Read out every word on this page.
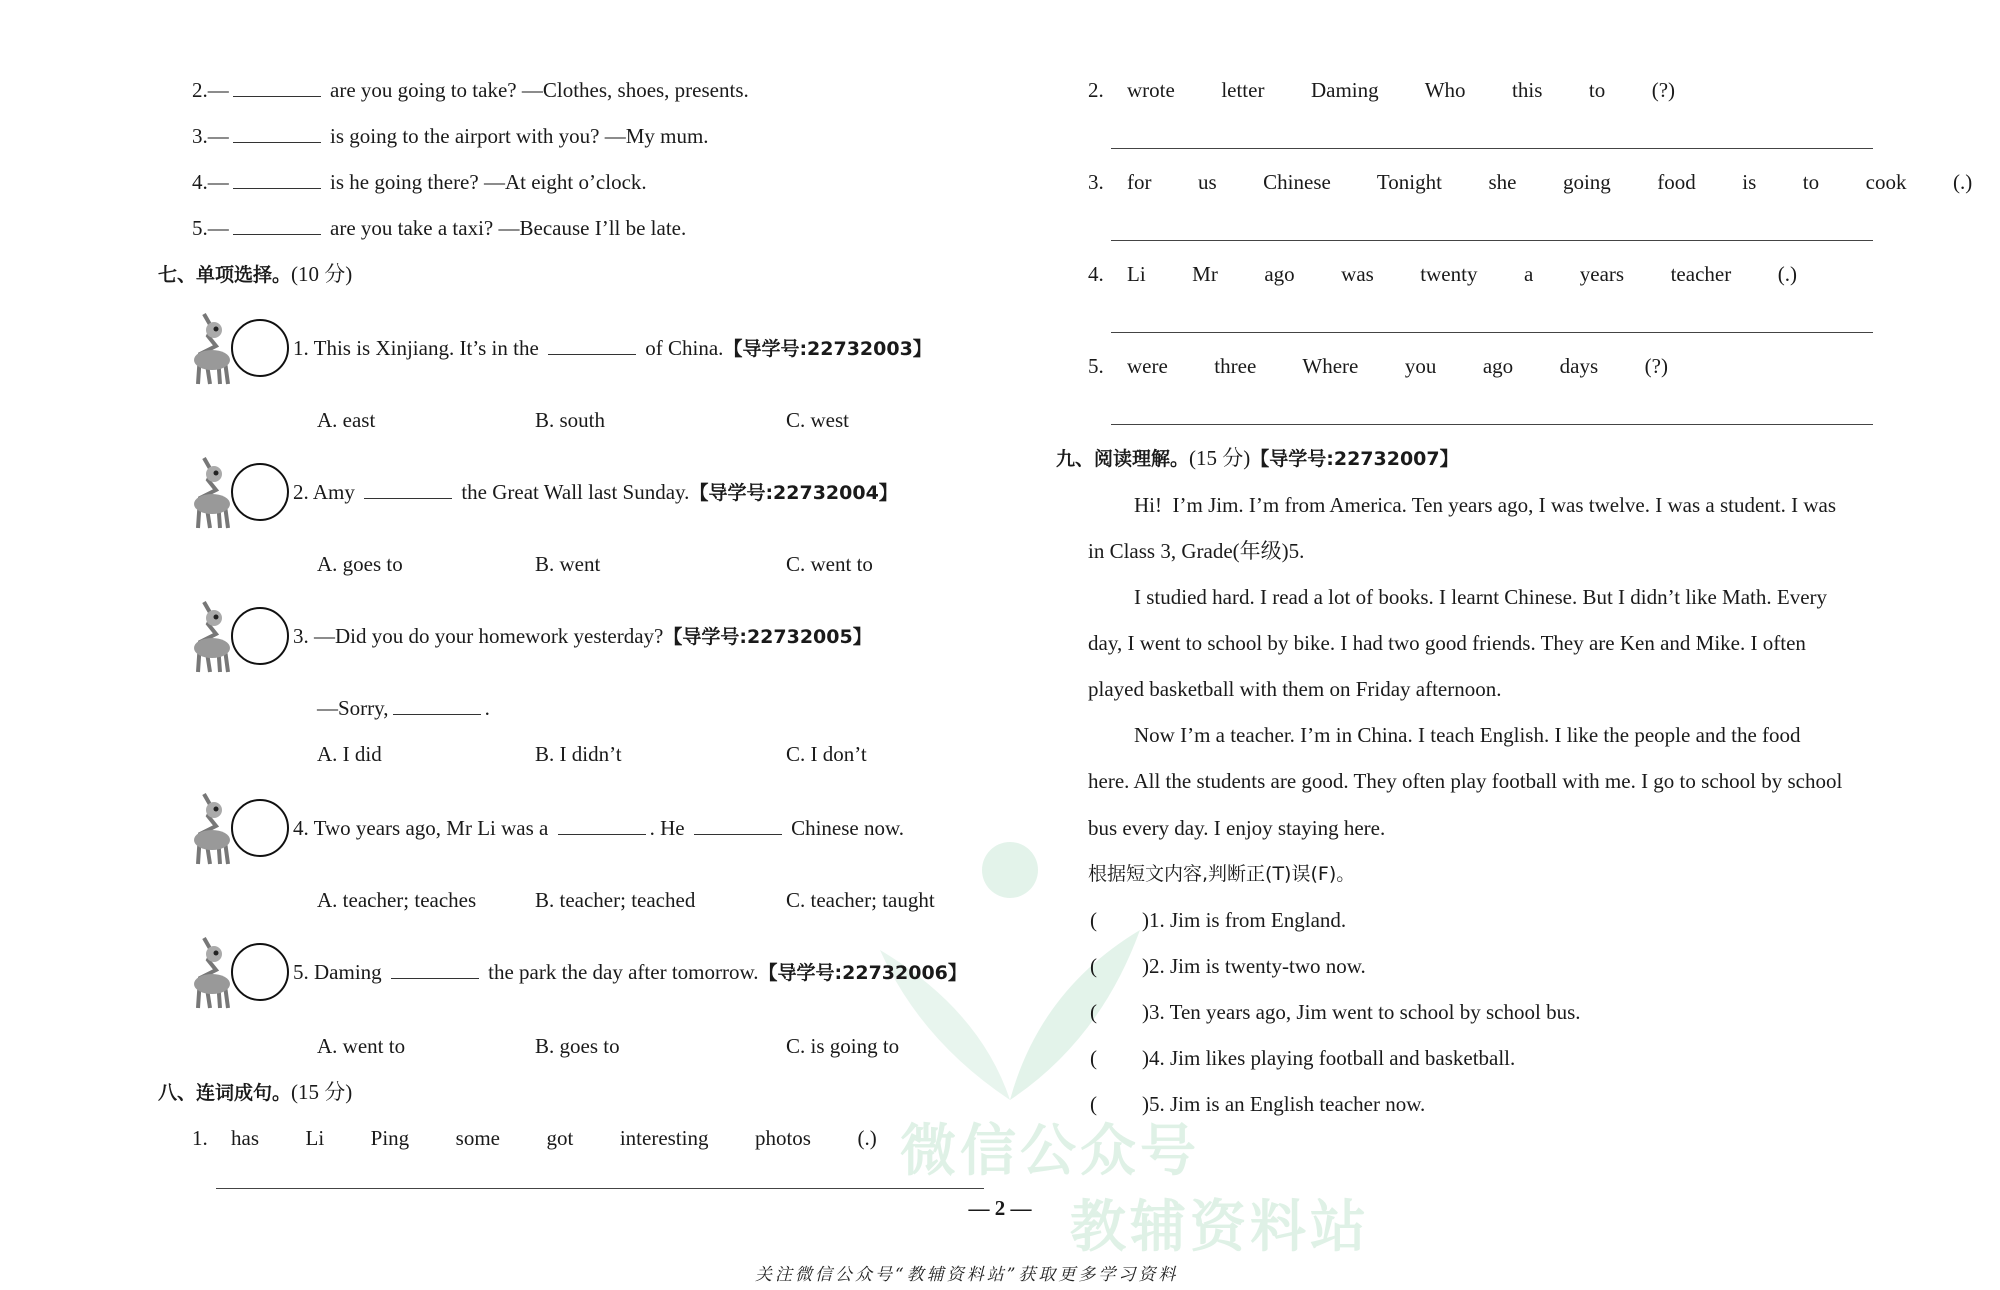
微信公众号
教辅资料站
2.—	are you going to take? —Clothes, shoes, presents.
3.—	is going to the airport with you? —My mum.
4.—	is he going there? —At eight o’clock.
5.—	are you take a taxi? —Because I’ll be late.
七、单项选择。(10 分)
1. This is Xinjiang. It’s in the	of China.【导学号:22732003】
A. east	B. south	C. west
2. Amy	the Great Wall last Sunday.【导学号:22732004】
A. goes to	B. went	C. went to
3. —Did you do your homework yesterday?【导学号:22732005】
—Sorry,	.
A. I did	B. I didn’t	C. I don’t
4. Two years ago, Mr Li was a	. He	Chinese now.
A. teacher; teaches	B. teacher; teached	C. teacher; taught
5. Daming	the park the day after tomorrow.【导学号:22732006】
A. went to	B. goes to	C. is going to
八、连词成句。(15 分)
1. has  Li  Ping  some  got  interesting  photos  (.)
2. wrote  letter  Daming  Who  this  to  (?)
3. for  us  Chinese  Tonight  she  going  food  is  to  cook  (.)
4. Li  Mr  ago  was  twenty  a  years  teacher  (.)
5. were  three  Where  you  ago  days  (?)
九、阅读理解。(15 分)【导学号:22732007】
Hi!  I’m Jim. I’m from America. Ten years ago, I was twelve. I was a student. I was
in Class 3, Grade(年级)5.
I studied hard. I read a lot of books. I learnt Chinese. But I didn’t like Math. Every
day, I went to school by bike. I had two good friends. They are Ken and Mike. I often
played basketball with them on Friday afternoon.
Now I’m a teacher. I’m in China. I teach English. I like the people and the food
here. All the students are good. They often play football with me. I go to school by school
bus every day. I enjoy staying here.
根据短文内容,判断正(T)误(F)。
( )1. Jim is from England.
( )2. Jim is twenty-two now.
( )3. Ten years ago, Jim went to school by school bus.
( )4. Jim likes playing football and basketball.
( )5. Jim is an English teacher now.
— 2 —
关注微信公众号“教辅资料站”获取更多学习资料
